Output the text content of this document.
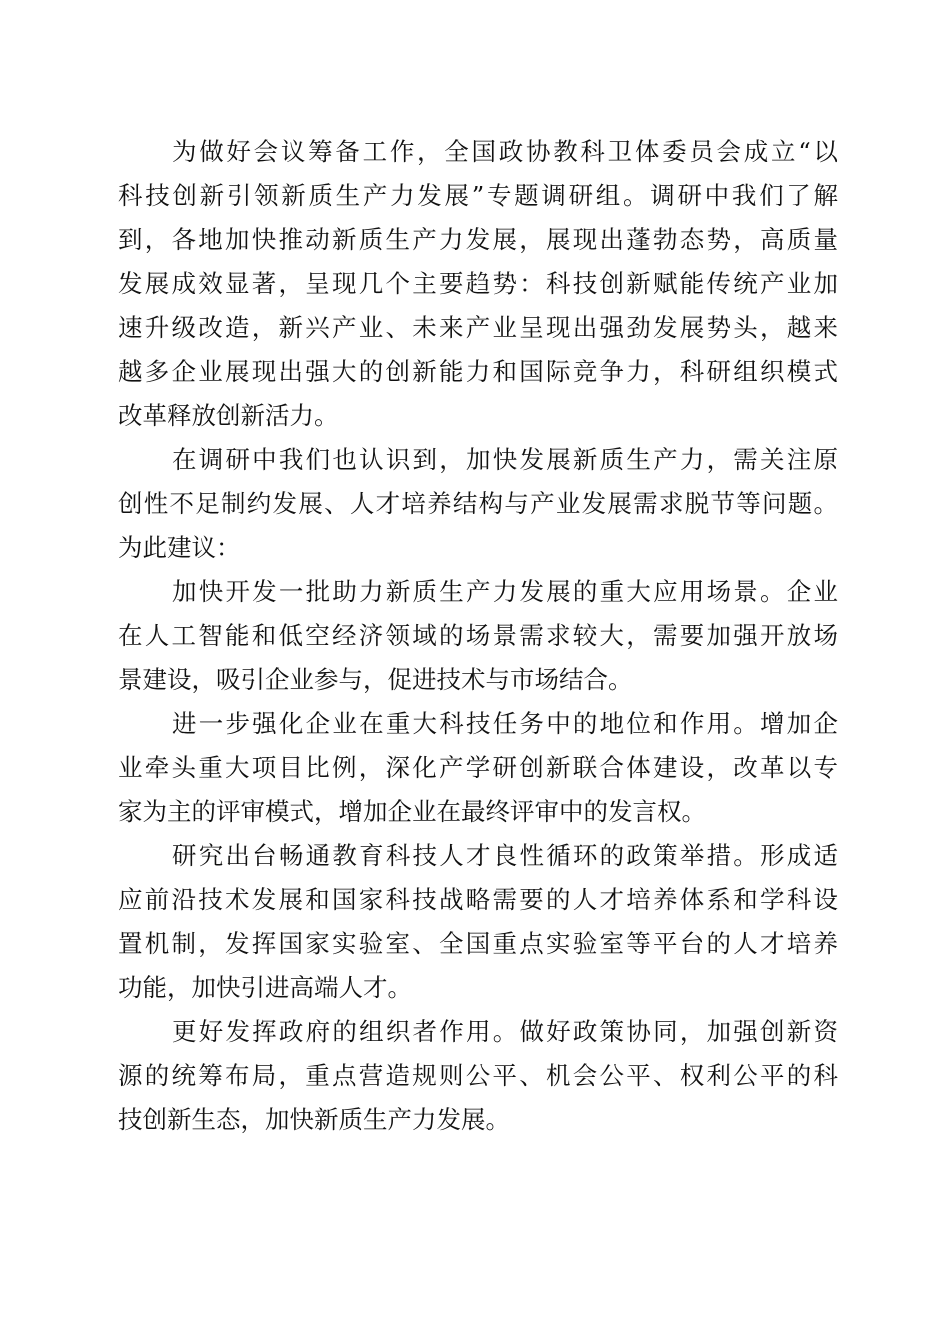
为做好会议筹备工作，全国政协教科卫体委员会成立“以
科技创新引领新质生产力发展”专题调研组。调研中我们了解
到，各地加快推动新质生产力发展，展现出蓬勃态势，高质量
发展成效显著，呈现几个主要趋势：科技创新赋能传统产业加
速升级改造，新兴产业、未来产业呈现出强劲发展势头，越来
越多企业展现出强大的创新能力和国际竞争力，科研组织模式
改革释放创新活力。
在调研中我们也认识到，加快发展新质生产力，需关注原
创性不足制约发展、人才培养结构与产业发展需求脱节等问题。
为此建议：
加快开发一批助力新质生产力发展的重大应用场景。企业
在人工智能和低空经济领域的场景需求较大，需要加强开放场
景建设，吸引企业参与，促进技术与市场结合。
进一步强化企业在重大科技任务中的地位和作用。增加企
业牵头重大项目比例，深化产学研创新联合体建设，改革以专
家为主的评审模式，增加企业在最终评审中的发言权。
研究出台畅通教育科技人才良性循环的政策举措。形成适
应前沿技术发展和国家科技战略需要的人才培养体系和学科设
置机制，发挥国家实验室、全国重点实验室等平台的人才培养
功能，加快引进高端人才。
更好发挥政府的组织者作用。做好政策协同，加强创新资
源的统筹布局，重点营造规则公平、机会公平、权利公平的科
技创新生态，加快新质生产力发展。
